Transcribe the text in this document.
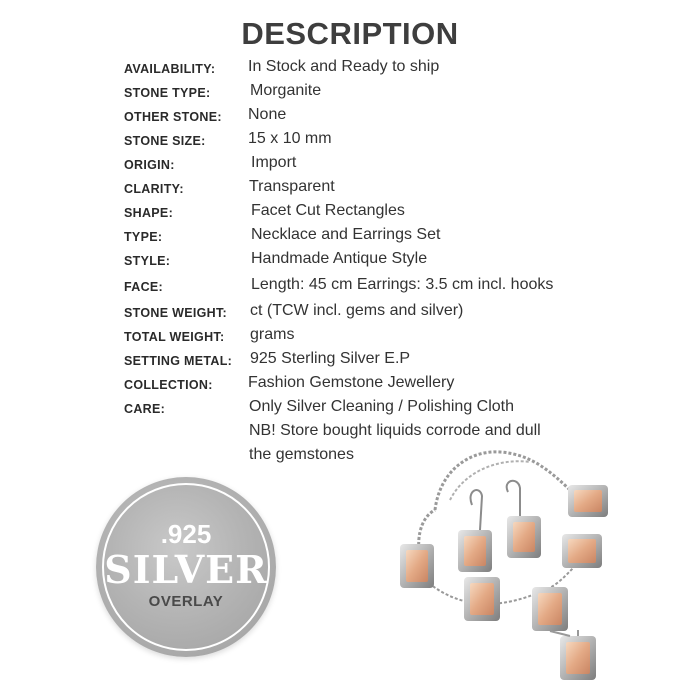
DESCRIPTION
AVAILABILITY: In Stock and Ready to ship
STONE TYPE: Morganite
OTHER STONE: None
STONE SIZE:	15 x 10 mm
ORIGIN:	Import
CLARITY:	Transparent
SHAPE:	Facet Cut Rectangles
TYPE:	Necklace and Earrings Set
STYLE:	Handmade Antique Style
FACE:	Length: 45 cm Earrings: 3.5 cm incl. hooks
STONE WEIGHT: ct (TCW incl. gems and silver)
TOTAL WEIGHT: grams
SETTING METAL: 925 Sterling Silver E.P
COLLECTION: Fashion Gemstone Jewellery
CARE:	Only Silver Cleaning / Polishing Cloth
NB! Store bought liquids corrode and dull
the gemstones
.925
SILVER
OVERLAY
